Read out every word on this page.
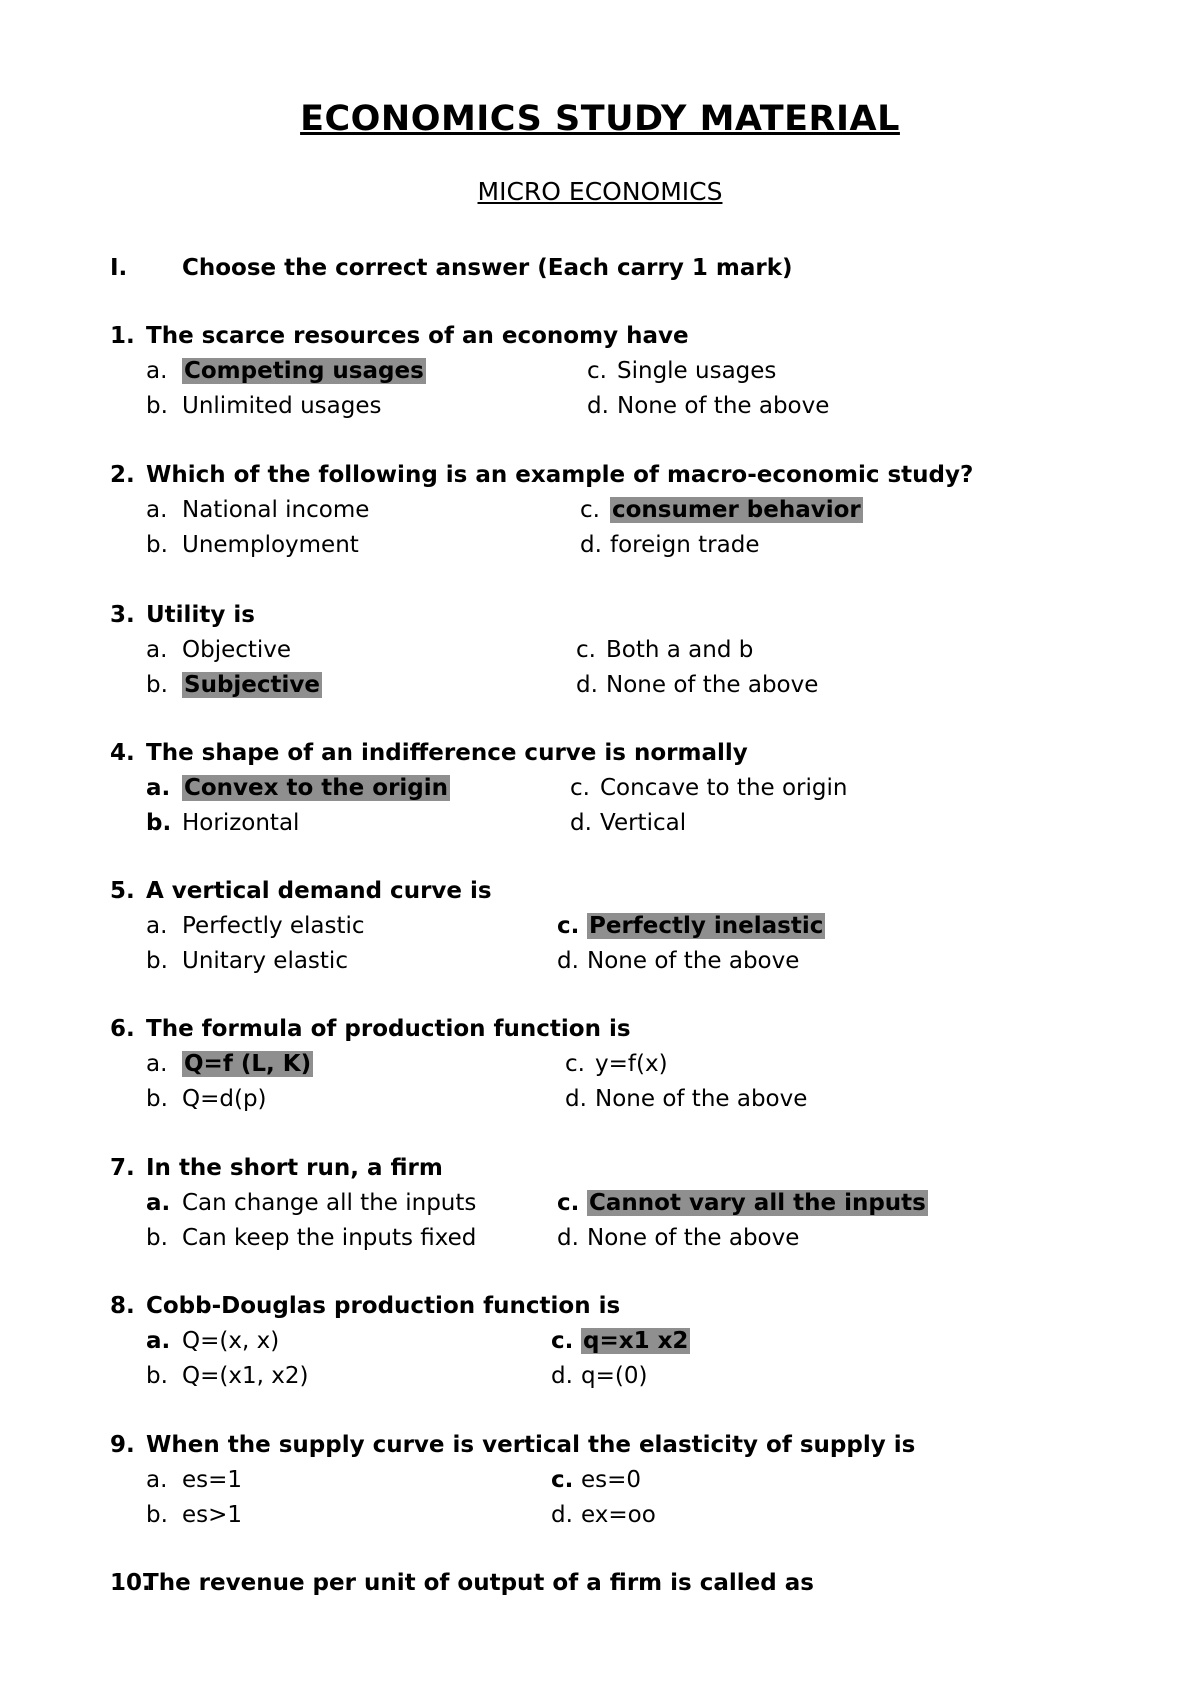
ECONOMICS STUDY MATERIAL
MICRO ECONOMICS
I. Choose the correct answer (Each carry 1 mark)
1. The scarce resources of an economy have
a. Competing usages	c. Single usages
b. Unlimited usages	d. None of the above
2. Which of the following is an example of macro-economic study?
a. National income	c. consumer behavior
b. Unemployment	d. foreign trade
3. Utility is
a. Objective	c. Both a and b
b. Subjective	d. None of the above
4. The shape of an indifference curve is normally
a. Convex to the origin	c. Concave to the origin
b. Horizontal	d. Vertical
5. A vertical demand curve is
a. Perfectly elastic	c. Perfectly inelastic
b. Unitary elastic	d. None of the above
6. The formula of production function is
a. Q=f (L, K)	c. y=f(x)
b. Q=d(p)	d. None of the above
7. In the short run, a firm
a. Can change all the inputs	c. Cannot vary all the inputs
b. Can keep the inputs fixed	d. None of the above
8. Cobb-Douglas production function is
a. Q=(x, x)	c. q=x1 x2
b. Q=(x1, x2)	d. q=(0)
9. When the supply curve is vertical the elasticity of supply is
a. es=1	c. es=0
b. es>1	d. ex=oo
10.
The revenue per unit of output of a firm is called as
